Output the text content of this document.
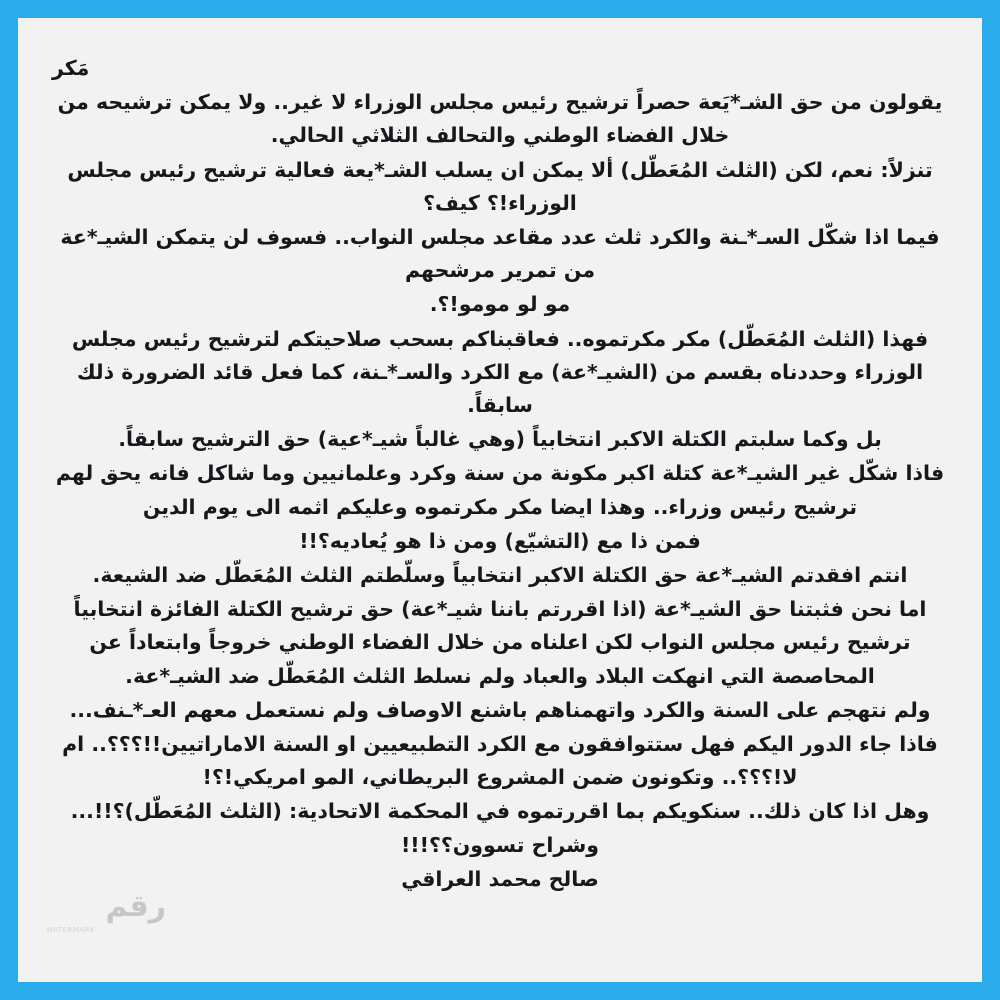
مَكر

يقولون من حق الشـ*يَعة حصراً ترشيح رئيس مجلس الوزراء لا غير.. ولا يمكن ترشيحه من خلال الفضاء الوطني والتحالف الثلاثي الحالي.

تنزلاً: نعم، لكن (الثلث المُعَطّل) ألا يمكن ان يسلب الشـ*يعة فعالية ترشيح رئيس مجلس الوزراء!؟ كيف؟

فيما اذا شكّل السـ*ـنة والكرد ثلث عدد مقاعد مجلس النواب.. فسوف لن يتمكن الشيـ*عة من تمرير مرشحهم

مو لو مومو!؟.

فهذا (الثلث المُعَطّل) مكر مكرتموه.. فعاقبناكم بسحب صلاحيتكم لترشيح رئيس مجلس الوزراء وحددناه بقسم من (الشيـ*عة) مع الكرد والسـ*ـنة، كما فعل قائد الضرورة ذلك سابقاً.

بل وكما سلبتم الكتلة الاكبر انتخابياً (وهي غالباً شيـ*عية) حق الترشيح سابقاً.

فاذا شكّل غير الشيـ*عة كتلة اكبر مكونة من سنة وكرد وعلمانيين وما شاكل فانه يحق لهم ترشيح رئيس وزراء.. وهذا ايضا مكر مكرتموه وعليكم اثمه الى يوم الدين

فمن ذا مع (التشيّع) ومن ذا هو يُعاديه؟!!

انتم افقدتم الشيـ*عة حق الكتلة الاكبر انتخابياً وسلّطتم الثلث المُعَطّل ضد الشيعة.

اما نحن فثبتنا حق الشيـ*عة (اذا اقررتم باننا شيـ*عة) حق ترشيح الكتلة الفائزة انتخابياً ترشيح رئيس مجلس النواب لكن اعلناه من خلال الفضاء الوطني خروجاً وابتعاداً عن المحاصصة التي انهكت البلاد والعباد ولم نسلط الثلث المُعَطّل ضد الشيـ*عة.

ولم نتهجم على السنة والكرد واتهمناهم باشنع الاوصاف ولم نستعمل معهم العـ*ـنف...

فاذا جاء الدور اليكم فهل ستتوافقون مع الكرد التطبيعيين او السنة الاماراتيين!!؟؟؟.. ام لا!؟؟؟.. وتكونون ضمن المشروع البريطاني، المو امريكي!؟!

وهل اذا كان ذلك.. سنكويكم بما اقررتموه في المحكمة الاتحادية: (الثلث المُعَطّل)؟!!... وشراح تسوون؟؟!!!

صالح محمد العراقي

رقم
WATERMARK
